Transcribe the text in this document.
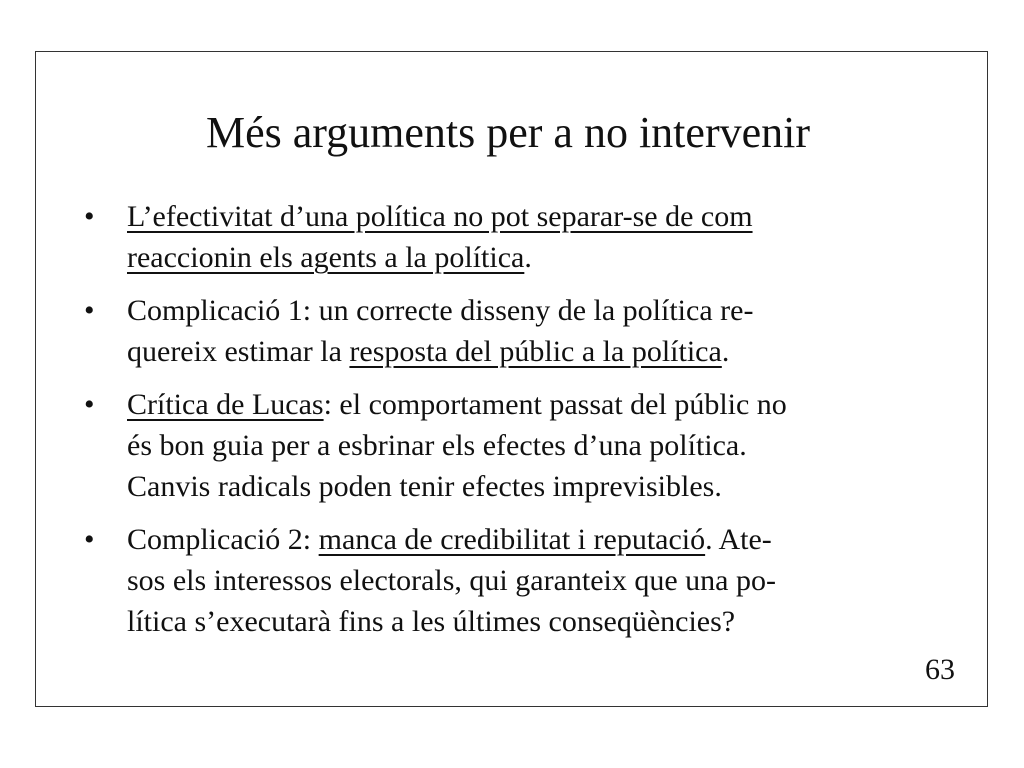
Més arguments per a no intervenir
•	L’efectivitat d’una política no pot separar-se de com
reaccionin els agents a la política.
•	Complicació 1: un correcte disseny de la política re-
quereix estimar la resposta del públic a la política.
•	Crítica de Lucas: el comportament passat del públic no
és bon guia per a esbrinar els efectes d’una política.
Canvis radicals poden tenir efectes imprevisibles.
•	Complicació 2: manca de credibilitat i reputació. Ate-
sos els interessos electorals, qui garanteix que una po-
lítica s’executarà fins a les últimes conseqüències?
63
